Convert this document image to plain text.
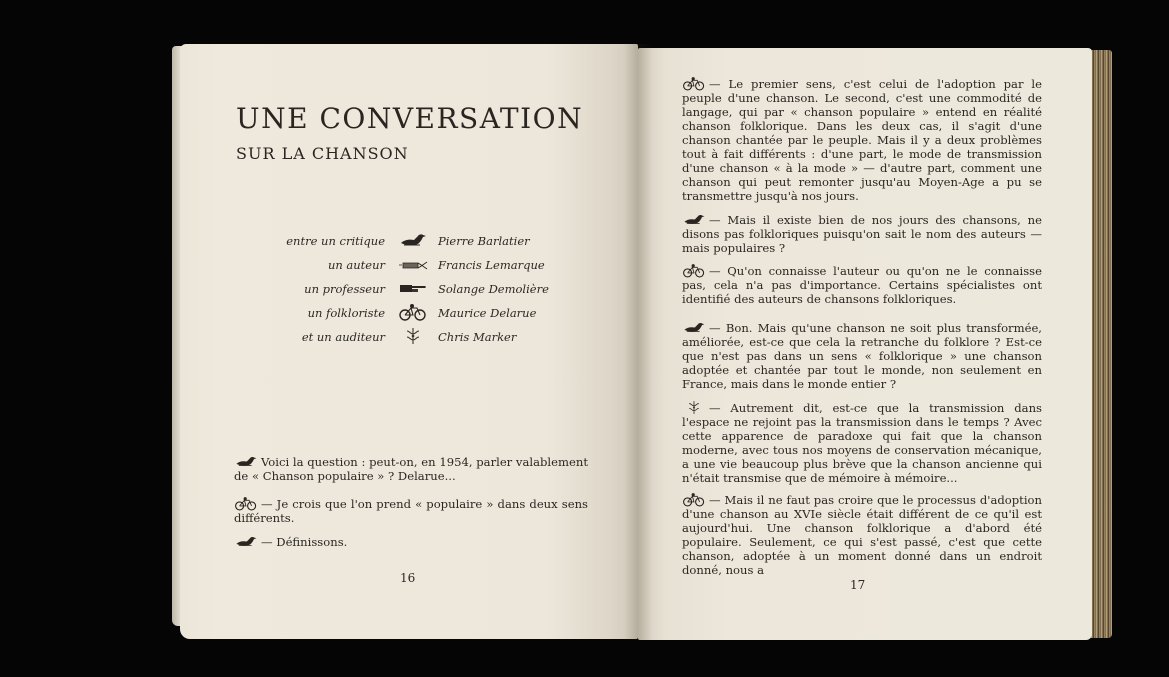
UNE CONVERSATION
SUR LA CHANSON
entre un critique	Pierre Barlatier
un auteur	Francis Lemarque
un professeur	Solange Demolière
un folkloriste	Maurice Delarue
et un auditeur	Chris Marker
Voici la question : peut-on, en 1954, parler valablement de « Chanson populaire » ? Delarue...
— Je crois que l'on prend « populaire » dans deux sens différents.
— Définissons.
16
— Le premier sens, c'est celui de l'adoption par le peuple d'une chanson. Le second, c'est une commodité de langage, qui par « chanson populaire » entend en réalité chanson folklorique. Dans les deux cas, il s'agit d'une chanson chantée par le peuple. Mais il y a deux problèmes tout à fait différents : d'une part, le mode de transmission d'une chanson « à la mode » — d'autre part, comment une chanson qui peut remonter jusqu'au Moyen-Age a pu se transmettre jusqu'à nos jours.
— Mais il existe bien de nos jours des chansons, ne disons pas folkloriques puisqu'on sait le nom des auteurs — mais populaires ?
— Qu'on connaisse l'auteur ou qu'on ne le connaisse pas, cela n'a pas d'importance. Certains spécialistes ont identifié des auteurs de chansons folkloriques.
— Bon. Mais qu'une chanson ne soit plus transformée, améliorée, est-ce que cela la retranche du folklore ? Est-ce que n'est pas dans un sens « folklorique » une chanson adoptée et chantée par tout le monde, non seulement en France, mais dans le monde entier ?
— Autrement dit, est-ce que la transmission dans l'espace ne rejoint pas la transmission dans le temps ? Avec cette apparence de paradoxe qui fait que la chanson moderne, avec tous nos moyens de conservation mécanique, a une vie beaucoup plus brève que la chanson ancienne qui n'était transmise que de mémoire à mémoire...
— Mais il ne faut pas croire que le processus d'adoption d'une chanson au XVIe siècle était différent de ce qu'il est aujourd'hui. Une chanson folklorique a d'abord été populaire. Seulement, ce qui s'est passé, c'est que cette chanson, adoptée à un moment donné dans un endroit donné, nous a
17
